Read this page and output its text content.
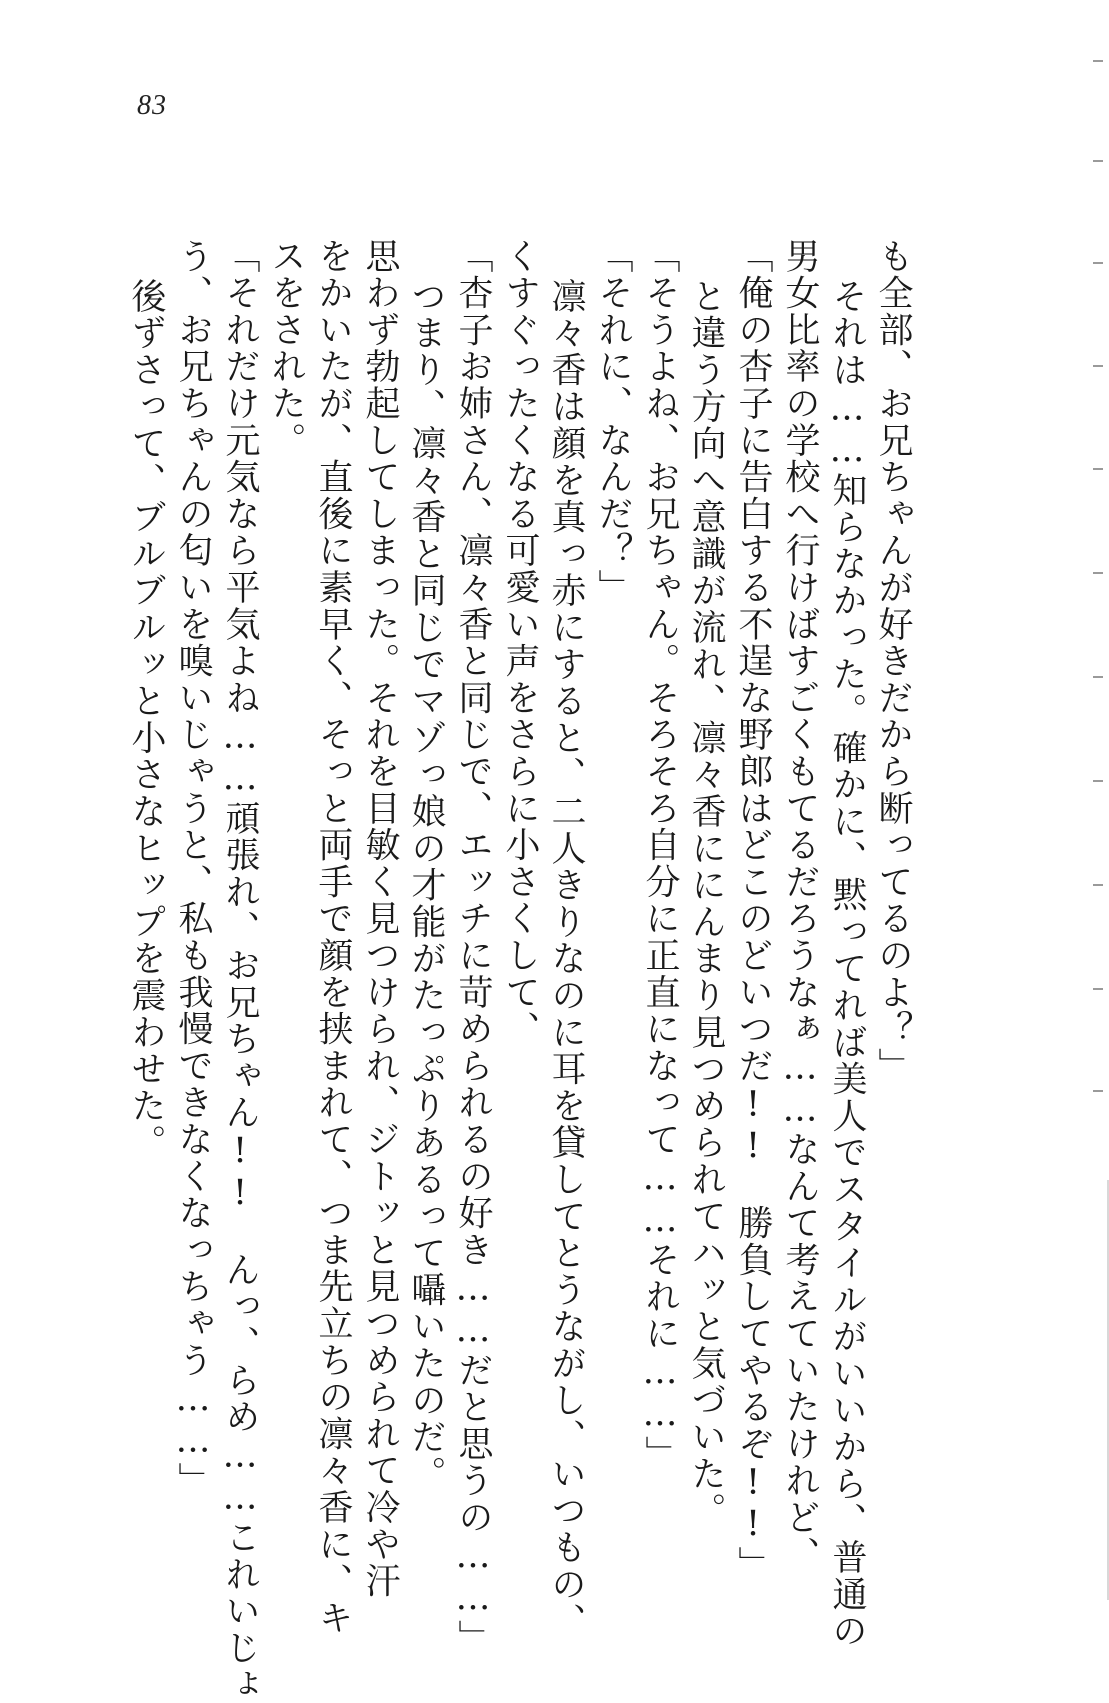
83
も全部、お兄ちゃんが好きだから断ってるのよ？」
それは……知らなかった。確かに、黙ってれば美人でスタイルがいいから、普通の
男女比率の学校へ行けばすごくもてるだろうなぁ……なんて考えていたけれど、
「俺の杏子に告白する不逞な野郎はどこのどいつだ!!　勝負してやるぞ!!」
と違う方向へ意識が流れ、凛々香ににんまり見つめられてハッと気づいた。
「そうよね、お兄ちゃん。そろそろ自分に正直になって……それに……」
「それに、なんだ？」
凛々香は顔を真っ赤にすると、二人きりなのに耳を貸してとうながし、いつもの、
くすぐったくなる可愛い声をさらに小さくして、
「杏子お姉さん、凛々香と同じで、エッチに苛められるの好き……だと思うの……」
つまり、凛々香と同じでマゾっ娘の才能がたっぷりあるって囁いたのだ。
思わず勃起してしまった。それを目敏く見つけられ、ジトッと見つめられて冷や汗
をかいたが、直後に素早く、そっと両手で顔を挟まれて、つま先立ちの凛々香に、キ
スをされた。
「それだけ元気なら平気よね……頑張れ、お兄ちゃん!!　んっ、らめ……これいじょ
う、お兄ちゃんの匂いを嗅いじゃうと、私も我慢できなくなっちゃう……」
後ずさって、ブルブルッと小さなヒップを震わせた。
